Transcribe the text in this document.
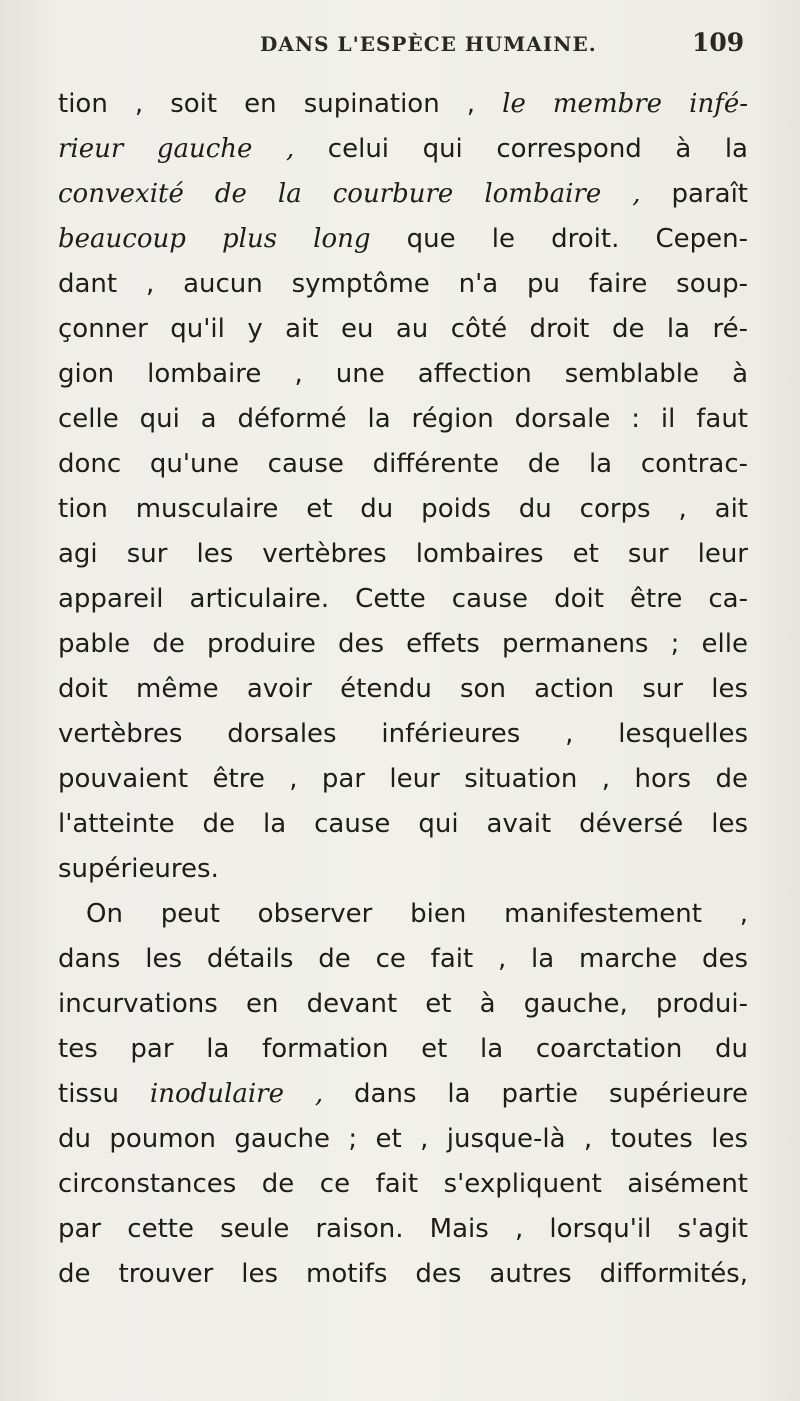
DANS L'ESPÈCE HUMAINE.	109
tion , soit en supination , le membre infé-
rieur gauche , celui qui correspond à la
convexité de la courbure lombaire , paraît
beaucoup plus long que le droit. Cepen-
dant , aucun symptôme n'a pu faire soup-
çonner qu'il y ait eu au côté droit de la ré-
gion lombaire , une affection semblable à
celle qui a déformé la région dorsale : il faut
donc qu'une cause différente de la contrac-
tion musculaire et du poids du corps , ait
agi sur les vertèbres lombaires et sur leur
appareil articulaire. Cette cause doit être ca-
pable de produire des effets permanens ; elle
doit même avoir étendu son action sur les
vertèbres dorsales inférieures , lesquelles
pouvaient être , par leur situation , hors de
l'atteinte de la cause qui avait déversé les
supérieures.
On peut observer bien manifestement ,
dans les détails de ce fait , la marche des
incurvations en devant et à gauche, produi-
tes par la formation et la coarctation du
tissu inodulaire , dans la partie supérieure
du poumon gauche ; et , jusque-là , toutes les
circonstances de ce fait s'expliquent aisément
par cette seule raison. Mais , lorsqu'il s'agit
de trouver les motifs des autres difformités,
